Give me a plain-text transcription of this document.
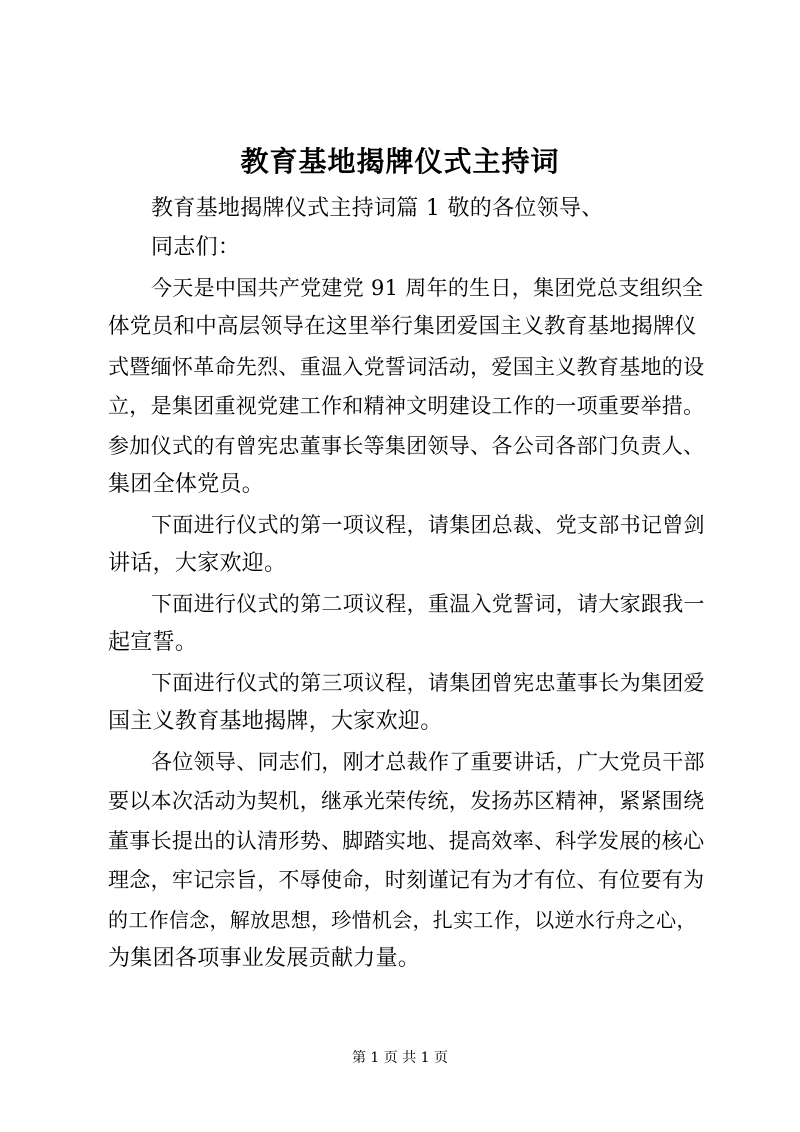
教育基地揭牌仪式主持词
教育基地揭牌仪式主持词篇 1 敬的各位领导、
同志们：
今天是中国共产党建党 91 周年的生日，集团党总支组织全
体党员和中高层领导在这里举行集团爱国主义教育基地揭牌仪
式暨缅怀革命先烈、重温入党誓词活动，爱国主义教育基地的设
立，是集团重视党建工作和精神文明建设工作的一项重要举措。
参加仪式的有曾宪忠董事长等集团领导、各公司各部门负责人、
集团全体党员。
下面进行仪式的第一项议程，请集团总裁、党支部书记曾剑
讲话，大家欢迎。
下面进行仪式的第二项议程，重温入党誓词，请大家跟我一
起宣誓。
下面进行仪式的第三项议程，请集团曾宪忠董事长为集团爱
国主义教育基地揭牌，大家欢迎。
各位领导、同志们，刚才总裁作了重要讲话，广大党员干部
要以本次活动为契机，继承光荣传统，发扬苏区精神，紧紧围绕
董事长提出的认清形势、脚踏实地、提高效率、科学发展的核心
理念，牢记宗旨，不辱使命，时刻谨记有为才有位、有位要有为
的工作信念，解放思想，珍惜机会，扎实工作，以逆水行舟之心，
为集团各项事业发展贡献力量。
第 1 页 共 1 页
